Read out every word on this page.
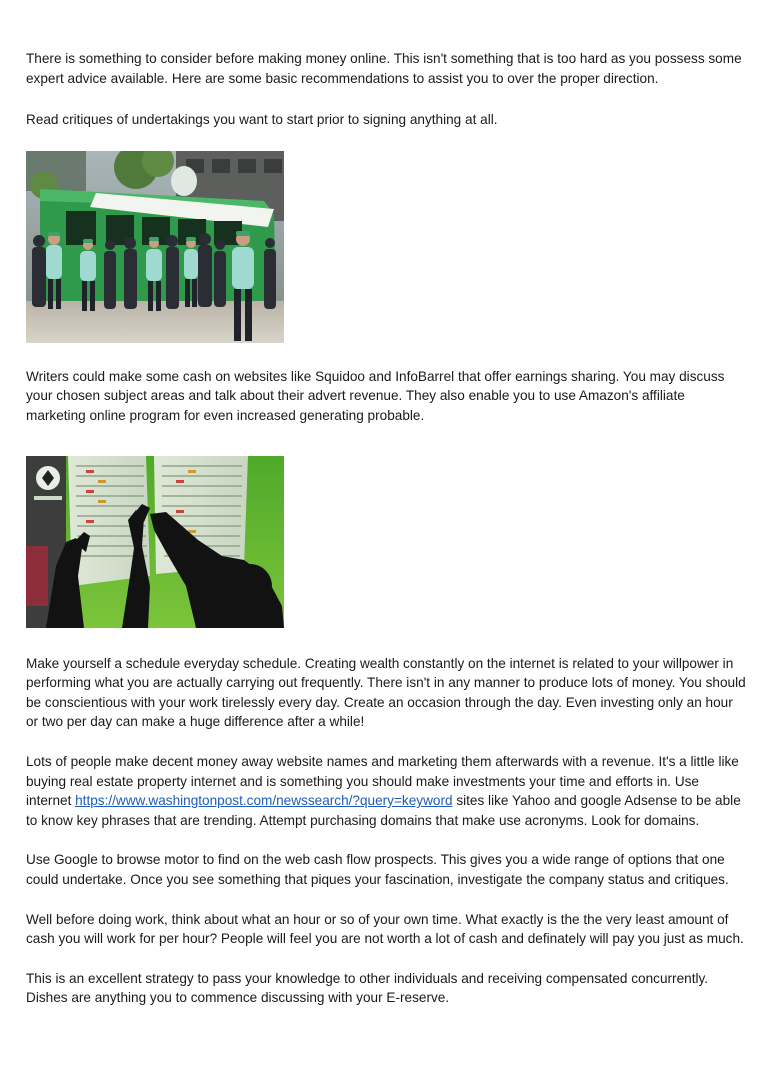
There is something to consider before making money online. This isn't something that is too hard as you possess some expert advice available. Here are some basic recommendations to assist you to over the proper direction.

Read critiques of undertakings you want to start prior to signing anything at all.

Writers could make some cash on websites like Squidoo and InfoBarrel that offer earnings sharing. You may discuss your chosen subject areas and talk about their advert revenue. They also enable you to use Amazon's affiliate marketing online program for even increased generating probable.

Make yourself a schedule everyday schedule. Creating wealth constantly on the internet is related to your willpower in performing what you are actually carrying out frequently. There isn't in any manner to produce lots of money. You should be conscientious with your work tirelessly every day. Create an occasion through the day. Even investing only an hour or two per day can make a huge difference after a while!

Lots of people make decent money away website names and marketing them afterwards with a revenue. It's a little like buying real estate property internet and is something you should make investments your time and efforts in. Use internet https://www.washingtonpost.com/newssearch/?query=keyword sites like Yahoo and google Adsense to be able to know key phrases that are trending. Attempt purchasing domains that make use acronyms. Look for domains.

Use Google to browse motor to find on the web cash flow prospects. This gives you a wide range of options that one could undertake. Once you see something that piques your fascination, investigate the company status and critiques.

Well before doing work, think about what an hour or so of your own time. What exactly is the the very least amount of cash you will work for per hour? People will feel you are not worth a lot of cash and definately will pay you just as much.

This is an excellent strategy to pass your knowledge to other individuals and receiving compensated concurrently. Dishes are anything you to commence discussing with your E-reserve.
